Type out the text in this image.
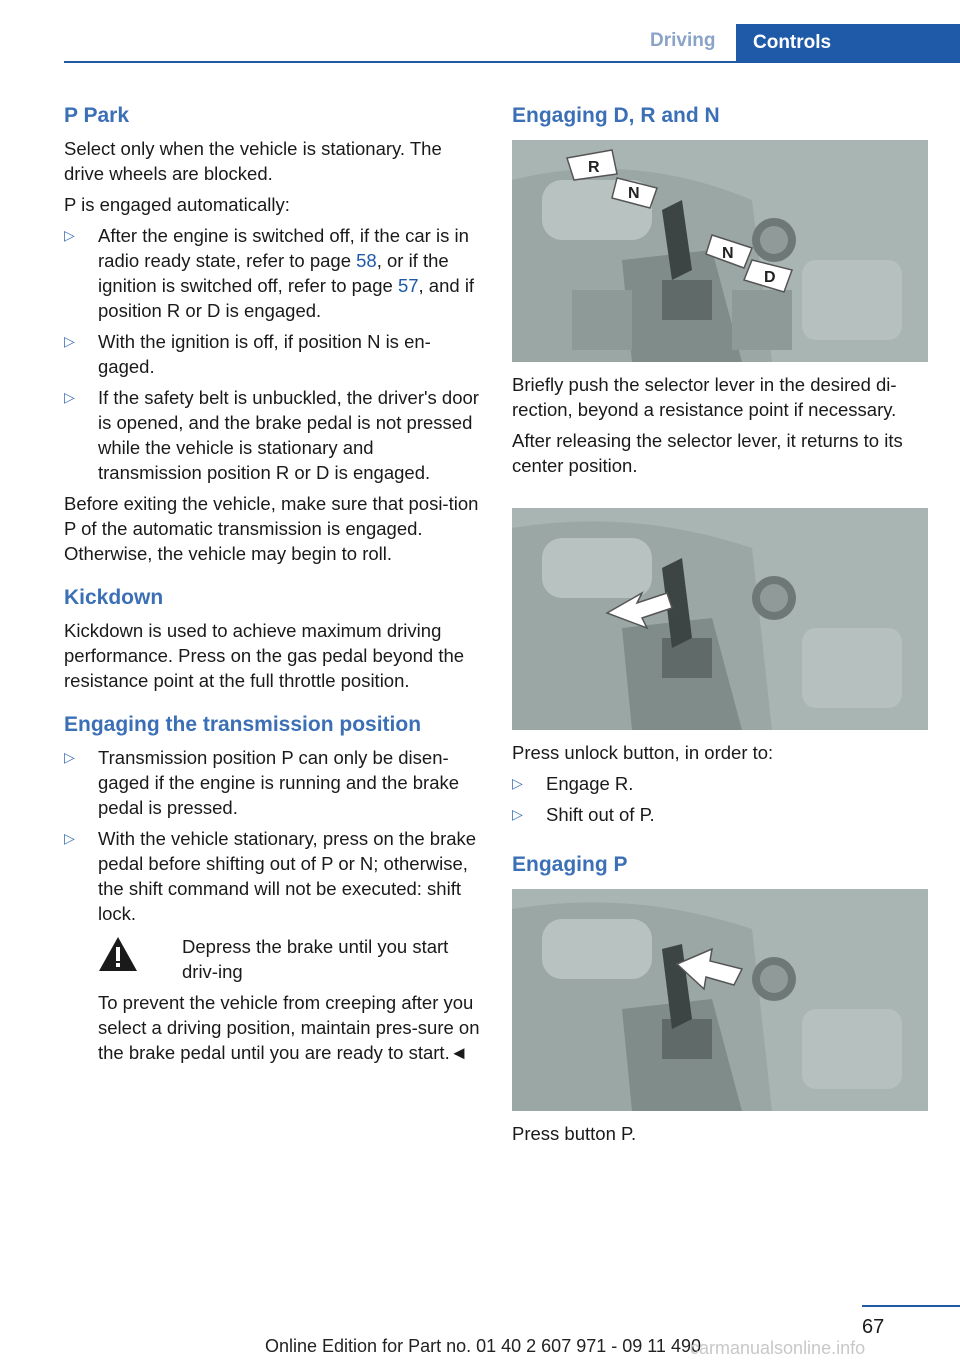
Driving	Controls
P Park

Select only when the vehicle is stationary. The drive wheels are blocked.

P is engaged automatically:

▷ After the engine is switched off, if the car is in radio ready state, refer to page 58, or if the ignition is switched off, refer to page 57, and if position R or D is engaged.
▷ With the ignition is off, if position N is en‐gaged.
▷ If the safety belt is unbuckled, the driver's door is opened, and the brake pedal is not pressed while the vehicle is stationary and transmission position R or D is engaged.

Before exiting the vehicle, make sure that posi‐tion P of the automatic transmission is engaged. Otherwise, the vehicle may begin to roll.

Kickdown

Kickdown is used to achieve maximum driving performance. Press on the gas pedal beyond the resistance point at the full throttle position.

Engaging the transmission position
▷ Transmission position P can only be disen‐gaged if the engine is running and the brake pedal is pressed.
▷ With the vehicle stationary, press on the brake pedal before shifting out of P or N; otherwise, the shift command will not be executed: shift lock.
Depress the brake until you start driv‐ing

To prevent the vehicle from creeping after you select a driving position, maintain pres‐sure on the brake pedal until you are ready to start.◄

Engaging D, R and N
R
N
N
D

Briefly push the selector lever in the desired di‐rection, beyond a resistance point if necessary.

After releasing the selector lever, it returns to its center position.

Press unlock button, in order to:

▷ Engage R.
▷ Shift out of P.
Engaging P

Press button P.

67
Online Edition for Part no. 01 40 2 607 971 - 09 11 490
carmanualsonline.info
